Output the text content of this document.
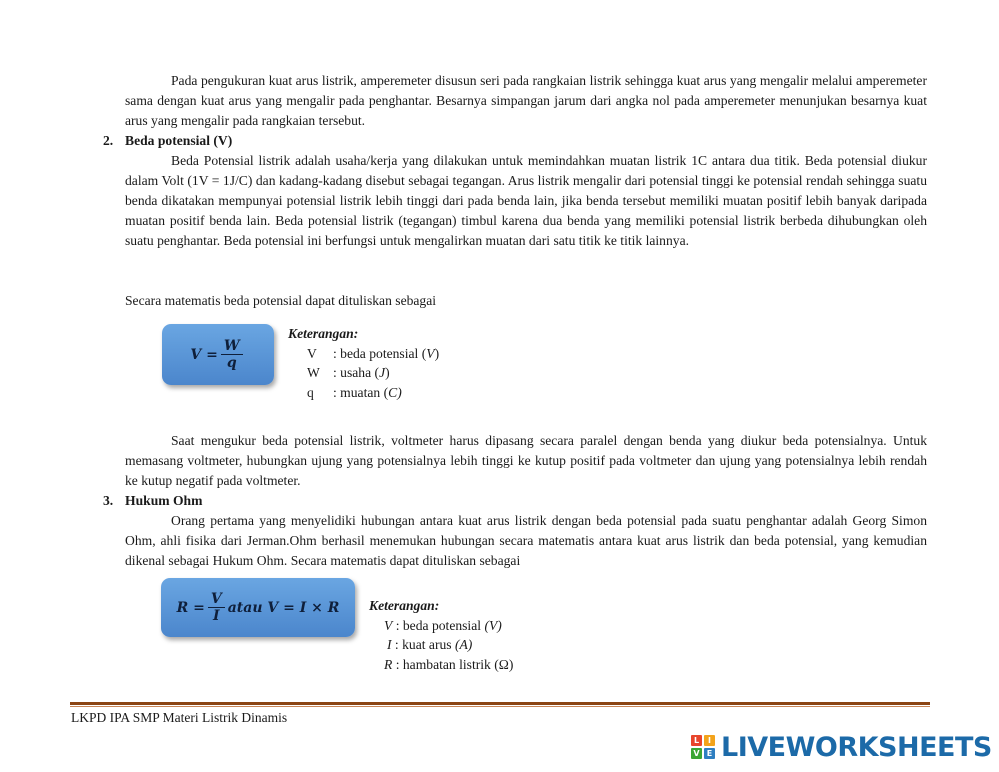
Pada pengukuran kuat arus listrik, amperemeter disusun seri pada rangkaian listrik sehingga kuat arus yang mengalir melalui amperemeter sama dengan kuat arus yang mengalir pada penghantar. Besarnya simpangan jarum dari angka nol pada amperemeter menunjukan besarnya kuat arus yang mengalir pada rangkaian tersebut.
2. Beda potensial (V)
Beda Potensial listrik adalah usaha/kerja yang dilakukan untuk memindahkan muatan listrik 1C antara dua titik. Beda potensial diukur dalam Volt (1V = 1J/C) dan kadang-kadang disebut sebagai tegangan. Arus listrik mengalir dari potensial tinggi ke potensial rendah sehingga suatu benda dikatakan mempunyai potensial listrik lebih tinggi dari pada benda lain, jika benda tersebut memiliki muatan positif lebih banyak daripada muatan positif benda lain. Beda potensial listrik (tegangan) timbul karena dua benda yang memiliki potensial listrik berbeda dihubungkan oleh suatu penghantar. Beda potensial ini berfungsi untuk mengalirkan muatan dari satu titik ke titik lainnya.
Secara matematis beda potensial dapat dituliskan sebagai
$V = \frac{W}{q}$
Keterangan:
V : beda potensial (V)
W : usaha (J)
q : muatan (C)
Saat mengukur beda potensial listrik, voltmeter harus dipasang secara paralel dengan benda yang diukur beda potensialnya. Untuk memasang voltmeter, hubungkan ujung yang potensialnya lebih tinggi ke kutup positif pada voltmeter dan ujung yang potensialnya lebih rendah ke kutup negatif pada voltmeter.
3. Hukum Ohm
Orang pertama yang menyelidiki hubungan antara kuat arus listrik dengan beda potensial pada suatu penghantar adalah Georg Simon Ohm, ahli fisika dari Jerman.Ohm berhasil menemukan hubungan secara matematis antara kuat arus listrik dan beda potensial, yang kemudian dikenal sebagai Hukum Ohm. Secara matematis dapat dituliskan sebagai
$R = \frac{V}{I}$ atau V = I × R Keterangan:
V : beda potensial (V)
I : kuat arus (A)
R : hambatan listrik (Ω)
LKPD IPA SMP Materi Listrik Dinamis
L	I
V E LIVEWORKSHEETS
